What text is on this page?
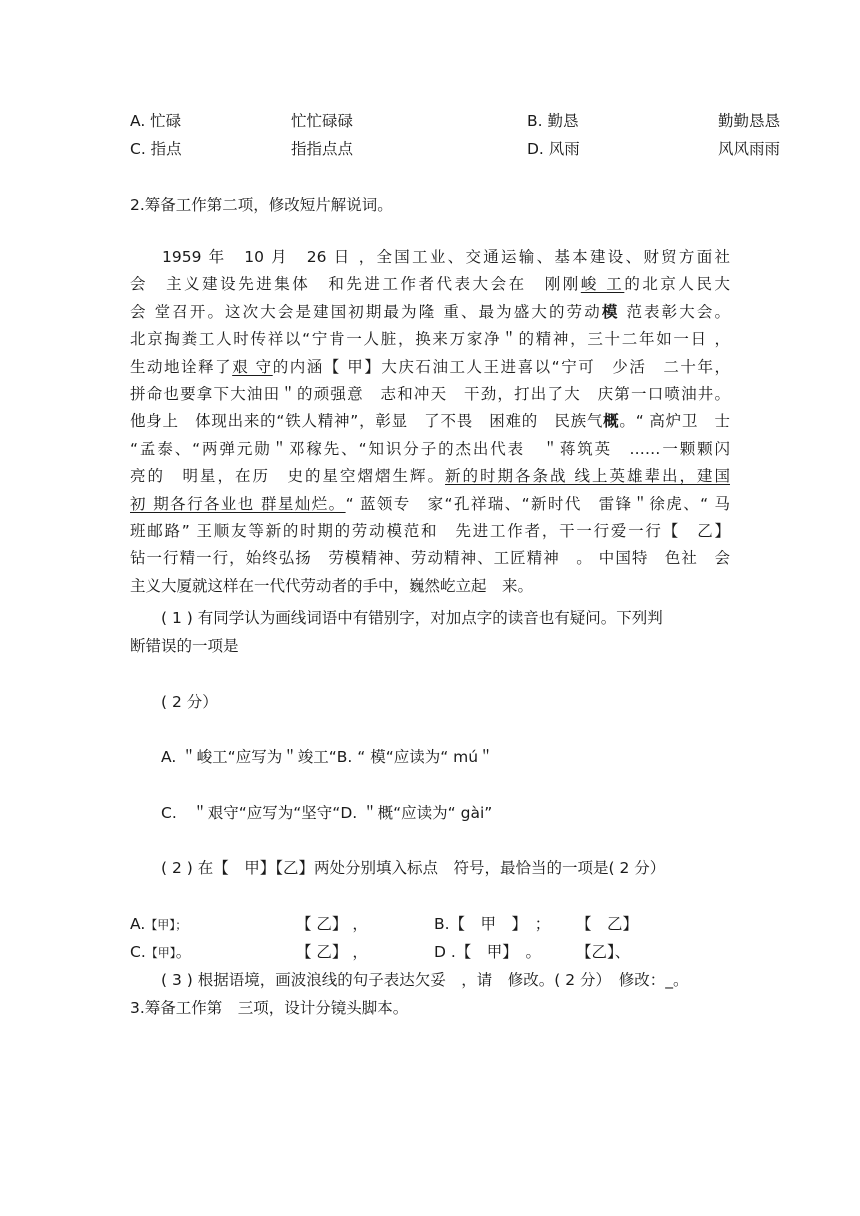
A. 忙碌	忙忙碌碌	B. 勤恳	勤勤恳恳
C. 指点	指指点点	D. 风雨	风风雨雨
2.筹备工作第二项，修改短片解说词。
1959 年　10 月　26 日 ，全国工业、交通运输、基本建设、财贸方面社
会　主义建设先进集体　和先进工作者代表大会在　刚刚峻 工的北京人民大
会 堂召开。这次大会是建国初期最为隆 重、最为盛大的劳动模 范表彰大会。
北京掏粪工人时传祥以“宁肯一人脏，换来万家净＂的精神，三十二年如一日 ，
生动地诠释了艰 守的内涵【 甲】大庆石油工人王进喜以“宁可　少活　二十年，
拼命也要拿下大油田＂的顽强意　志和冲天　干劲，打出了大　庆第一口喷油井。
他身上　体现出来的“铁人精神”，彰显　了不畏　困难的　民族气概。“ 高炉卫　士
“孟泰、“两弹元勋＂邓稼先、“知识分子的杰出代表　＂蒋筑英　……一颗颗闪
亮的　明星，在历　史的星空熠熠生辉。新的时期各条战 线上英雄辈出，建国
初 期各行各业也 群星灿烂。“ 蓝领专　家“孔祥瑞、“新时代　雷锋＂徐虎、“ 马
班邮路” 王顺友等新的时期的劳动模范和　先进工作者，干一行爱一行【　乙】
钻一行精一行，始终弘扬　劳模精神、劳动精神、工匠精神　。 中国特　色社　会
主义大厦就这样在一代代劳动者的手中，巍然屹立起　来。
( 1 ) 有同学认为画线词语中有错别字，对加点字的读音也有疑问。下列判
断错误的一项是
( 2 分）
A. ＂峻工“应写为＂竣工“B. “ 模“应读为“ mú＂
C.　＂艰守“应写为“坚守“D. ＂概“应读为“ gài”
( 2 ) 在【　甲】【乙】两处分别填入标点　符号，最恰当的一项是( 2 分）
A.【甲】；	【 乙】 ，	B.【　甲　】　； 【　乙】
C.【甲】。	【 乙】 ，	D .【　甲】　。 【乙】、
( 3 ) 根据语境，画波浪线的句子表达欠妥　，请　修改。( 2 分）　修改：_。
3.筹备工作第　三项，设计分镜头脚本。
